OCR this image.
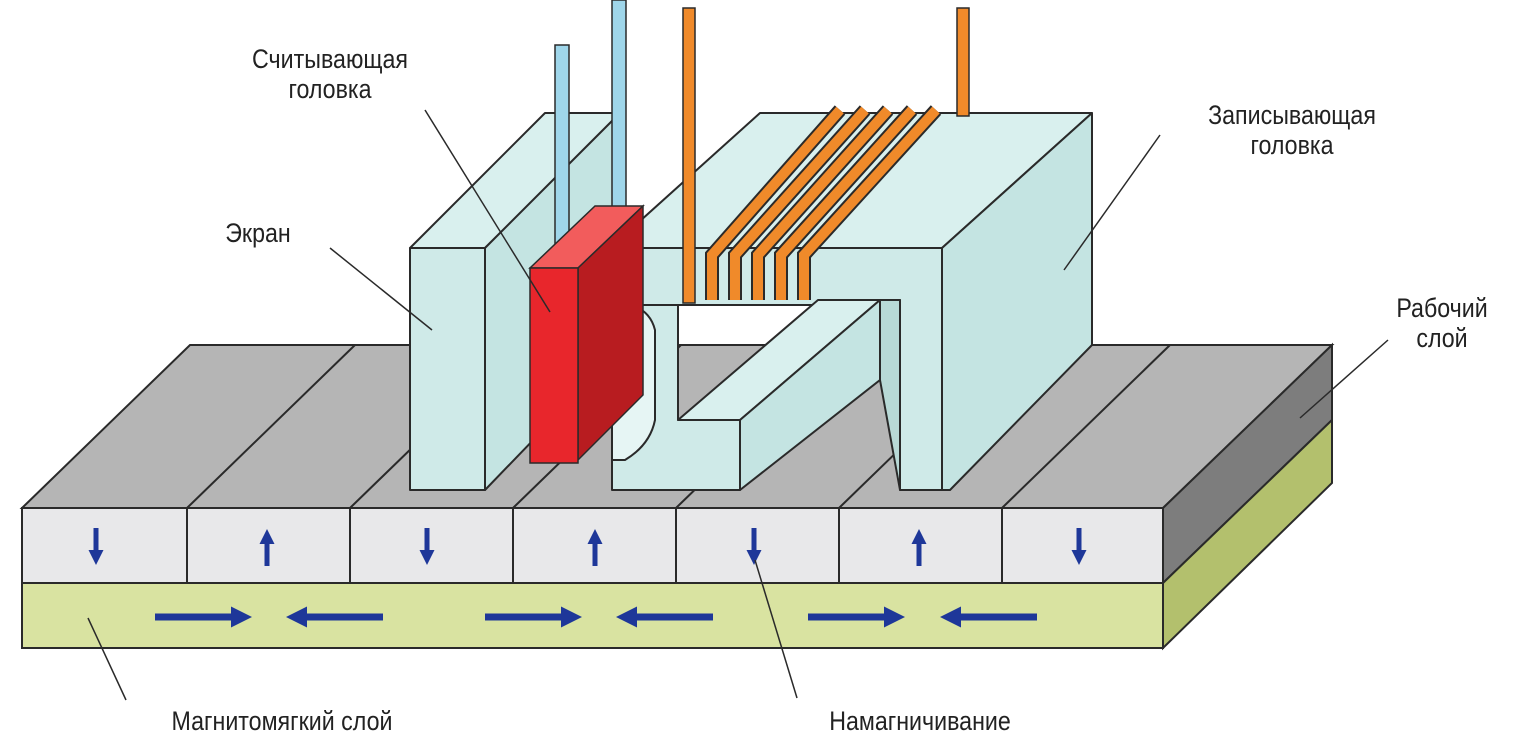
Считывающая
головка
Записывающая
головка
Экран
Рабочий
слой
Магнитомягкий слой	Намагничивание
